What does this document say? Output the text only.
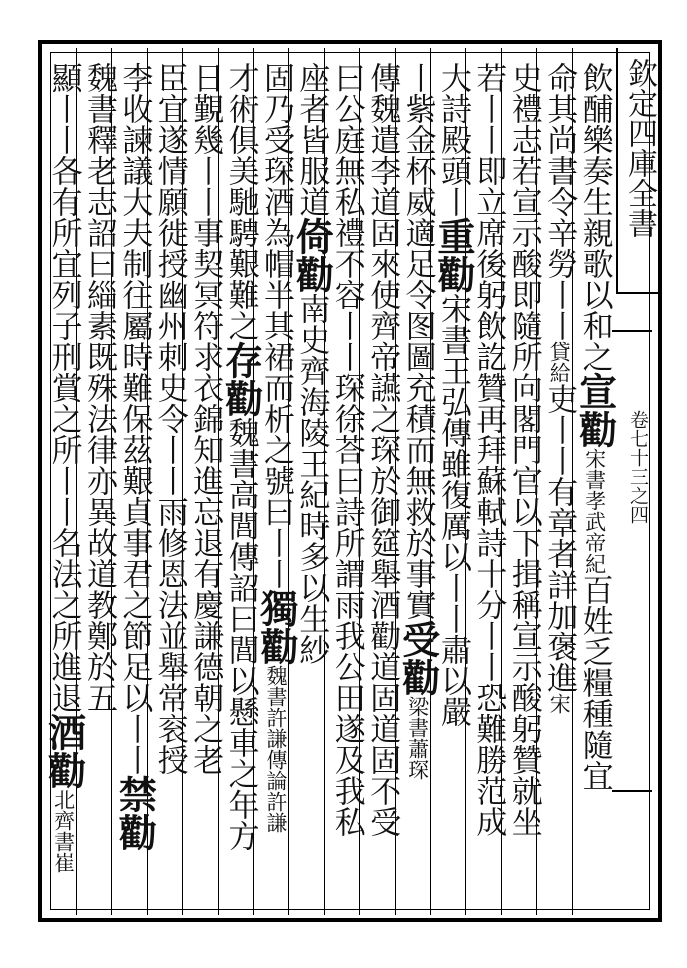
欽定四庫全書
卷七十三之四
飲酺樂奏生親歌以和之宣勸宋書孝武帝紀百姓乏糧種隨宜
命其尚書令辛勞丨丨貸給吏丨丨有章者詳加褒進宋
史禮志若宣示酸即隨所向閣門官以下揖稱宣示酸躬贊就坐
若丨丨即立席後躬飲訖贊再拜蘇軾詩十分丨丨恐難勝范成
大詩殿頭丨重勸宋書王弘傳雖復厲以丨丨肅以嚴
丨紫金杯威適足令图圖充積而無救於事實受勸梁書蕭琛
傳魏遣李道固來使齊帝讌之琛於御筵舉酒勸道固道固不受
曰公庭無私禮不容丨丨琛徐荅曰詩所謂雨我公田遂及我私
座者皆服道倚勸南史齊海陵王紀時多以生紗
固乃受琛酒為帽半其裙而析之號曰丨丨獨勸魏書許謙傳論許謙
才術俱美馳騁艱難之存勸魏書高閭傳詔曰閭以懸車之年方
日覲幾丨丨事契冥符求衣錦知進忘退有慶謙德朝之老
臣宜遂情願徙授幽州刺史令丨丨雨修恩法並舉常衮授
李收諫議大夫制往屬時難保茲艱貞事君之節足以丨丨禁勸
魏書釋老志詔曰緇素既殊法律亦異故道教鄭於五
顯丨丨各有所宜列子刑賞之所丨丨名法之所進退酒勸北齊書崔
